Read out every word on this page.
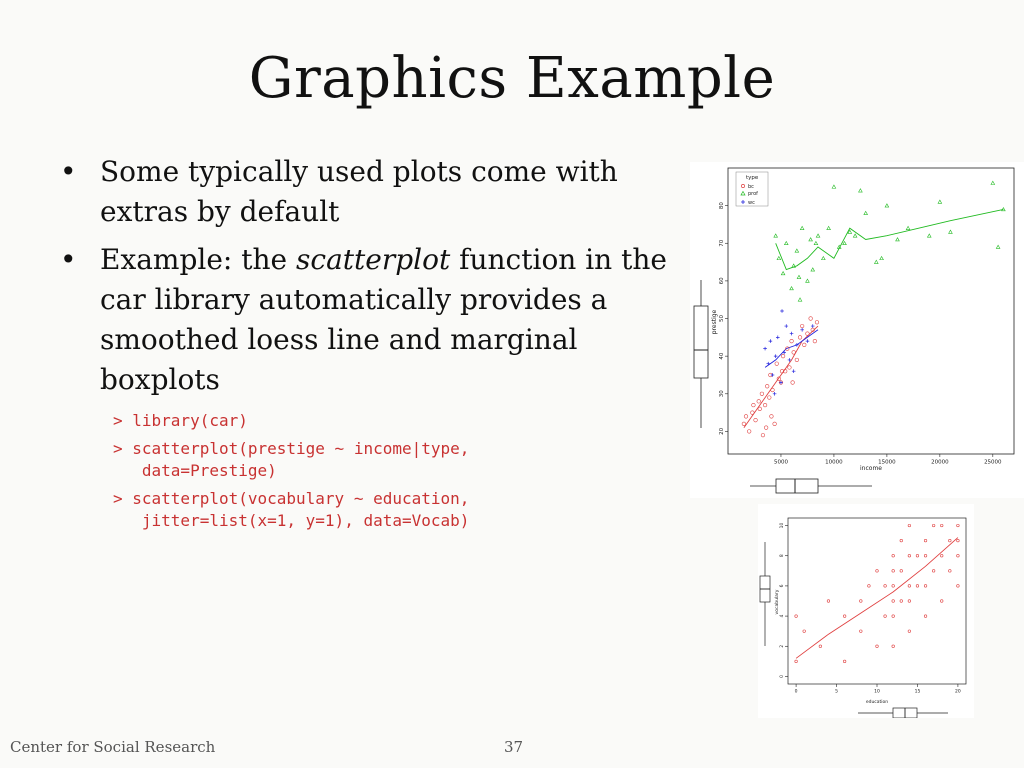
Graphics Example
• Some typically used plots come with extras by default
• Example: the scatterplot function in the car library automatically provides a smoothed loess line and marginal boxplots
> library(car)
> scatterplot(prestige ~ income|type,
data=Prestige)
> scatterplot(vocabulary ~ education,
jitter=list(x=1, y=1), data=Vocab)
5000	10000	15000	20000	25000
20
30
40
50
60
70
80
income
prestige
type
bc
prof
wc
0	5	10	15	20
0
2
4
6
8
10
education
vocabulary
Center for Social Research	37
